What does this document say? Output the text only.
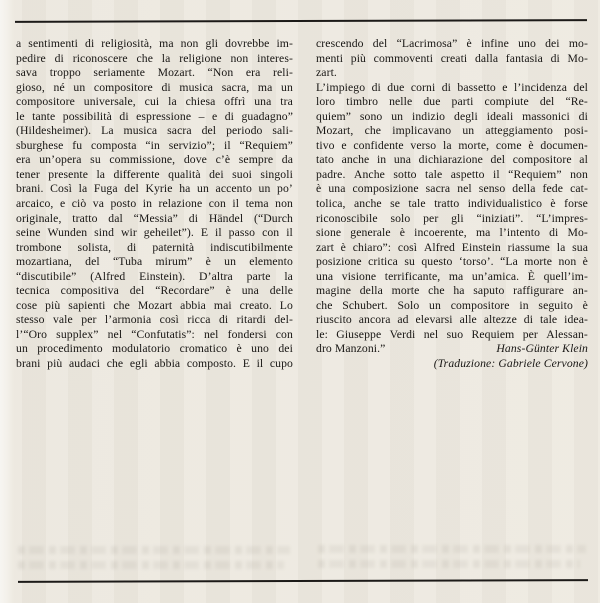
a sentimenti di religiosità, ma non gli dovrebbe im-
pedire di riconoscere che la religione non interes-
sava troppo seriamente Mozart. “Non era reli-
gioso, né un compositore di musica sacra, ma un
compositore universale, cui la chiesa offrì una tra
le tante possibilità di espressione – e di guadagno”
(Hildesheimer). La musica sacra del periodo sali-
sburghese fu composta “in servizio”; il “Requiem”
era un’opera su commissione, dove c’è sempre da
tener presente la differente qualità dei suoi singoli
brani. Così la Fuga del Kyrie ha un accento un po’
arcaico, e ciò va posto in relazione con il tema non
originale, tratto dal “Messia” di Händel (“Durch
seine Wunden sind wir geheilet”). E il passo con il
trombone solista, di paternità indiscutibilmente
mozartiana, del “Tuba mirum” è un elemento
“discutibile” (Alfred Einstein). D’altra parte la
tecnica compositiva del “Recordare” è una delle
cose più sapienti che Mozart abbia mai creato. Lo
stesso vale per l’armonia così ricca di ritardi del-
l’“Oro supplex” nel “Confutatis”: nel fondersi con
un procedimento modulatorio cromatico è uno dei
brani più audaci che egli abbia composto. E il cupo
crescendo del “Lacrimosa” è infine uno dei mo-
menti più commoventi creati dalla fantasia di Mo-
zart.
L’impiego di due corni di bassetto e l’incidenza del
loro timbro nelle due parti compiute del “Re-
quiem” sono un indizio degli ideali massonici di
Mozart, che implicavano un atteggiamento posi-
tivo e confidente verso la morte, come è documen-
tato anche in una dichiarazione del compositore al
padre. Anche sotto tale aspetto il “Requiem” non
è una composizione sacra nel senso della fede cat-
tolica, anche se tale tratto individualistico è forse
riconoscibile solo per gli “iniziati”. “L’impres-
sione generale è incoerente, ma l’intento di Mo-
zart è chiaro”: così Alfred Einstein riassume la sua
posizione critica su questo ‘torso’. “La morte non è
una visione terrificante, ma un’amica. È quell’im-
magine della morte che ha saputo raffigurare an-
che Schubert. Solo un compositore in seguito è
riuscito ancora ad elevarsi alle altezze di tale idea-
le: Giuseppe Verdi nel suo Requiem per Alessan-
dro Manzoni.”	Hans-Günter Klein
(Traduzione: Gabriele Cervone)
